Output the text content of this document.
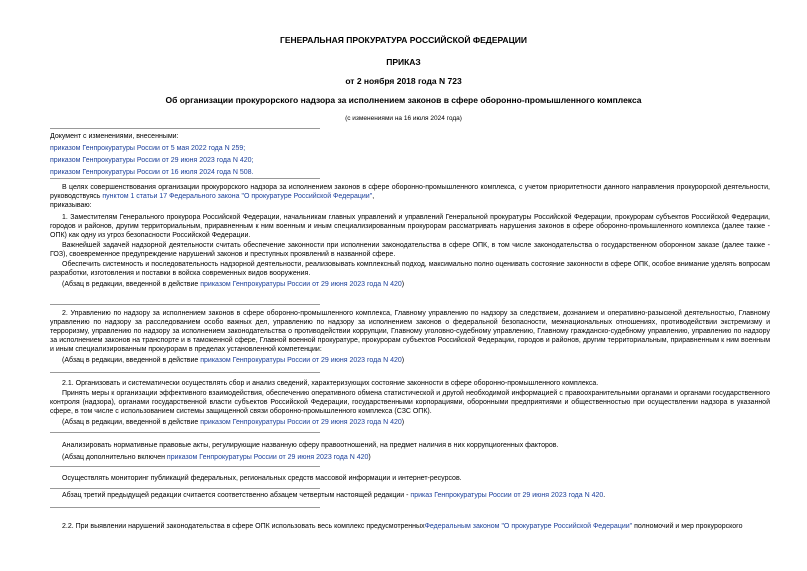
ГЕНЕРАЛЬНАЯ ПРОКУРАТУРА РОССИЙСКОЙ ФЕДЕРАЦИИ
ПРИКАЗ
от 2 ноября 2018 года N 723
Об организации прокурорского надзора за исполнением законов в сфере оборонно-промышленного комплекса
(с изменениями на 16 июля 2024 года)
Документ с изменениями, внесенными:
приказом Генпрокуратуры России от 5 мая 2022 года N 259;
приказом Генпрокуратуры России от 29 июня 2023 года N 420;
приказом Генпрокуратуры России от 16 июля 2024 года N 508.

В целях совершенствования организации прокурорского надзора за исполнением законов в сфере оборонно-промышленного комплекса, с учетом приоритетности данного направления прокурорской деятельности, руководствуясь пунктом 1 статьи 17 Федерального закона "О прокуратуре Российской Федерации",

приказываю:

1. Заместителям Генерального прокурора Российской Федерации, начальникам главных управлений и управлений Генеральной прокуратуры Российской Федерации, прокурорам субъектов Российской Федерации, городов и районов, другим территориальным, приравненным к ним военным и иным специализированным прокурорам рассматривать нарушения законов в сфере оборонно-промышленного комплекса (далее также - ОПК) как одну из угроз безопасности Российской Федерации.

Важнейшей задачей надзорной деятельности считать обеспечение законности при исполнении законодательства в сфере ОПК, в том числе законодательства о государственном оборонном заказе (далее также - ГОЗ), своевременное предупреждение нарушений законов и преступных проявлений в названной сфере.

Обеспечить системность и последовательность надзорной деятельности, реализовывать комплексный подход, максимально полно оценивать состояние законности в сфере ОПК, особое внимание уделять вопросам разработки, изготовления и поставки в войска современных видов вооружения.

(Абзац в редакции, введенной в действие приказом Генпрокуратуры России от 29 июня 2023 года N 420)

2. Управлению по надзору за исполнением законов в сфере оборонно-промышленного комплекса, Главному управлению по надзору за следствием, дознанием и оперативно-разыскной деятельностью, Главному управлению по надзору за расследованием особо важных дел, управлению по надзору за исполнением законов о федеральной безопасности, межнациональных отношениях, противодействии экстремизму и терроризму, управлению по надзору за исполнением законодательства о противодействии коррупции, Главному уголовно-судебному управлению, Главному гражданско-судебному управлению, управлению по надзору за исполнением законов на транспорте и в таможенной сфере, Главной военной прокуратуре, прокурорам субъектов Российской Федерации, городов и районов, другим территориальным, приравненным к ним военным и иным специализированным прокурорам в пределах установленной компетенции:

(Абзац в редакции, введенной в действие приказом Генпрокуратуры России от 29 июня 2023 года N 420)

2.1. Организовать и систематически осуществлять сбор и анализ сведений, характеризующих состояние законности в сфере оборонно-промышленного комплекса.

Принять меры к организации эффективного взаимодействия, обеспечению оперативного обмена статистической и другой необходимой информацией с правоохранительными органами и органами государственного контроля (надзора), органами государственной власти субъектов Российской Федерации, государственными корпорациями, оборонными предприятиями и общественностью при осуществлении надзора в указанной сфере, в том числе с использованием системы защищенной связи оборонно-промышленного комплекса (СЗС ОПК).

(Абзац в редакции, введенной в действие приказом Генпрокуратуры России от 29 июня 2023 года N 420)

Анализировать нормативные правовые акты, регулирующие названную сферу правоотношений, на предмет наличия в них коррупциогенных факторов.

(Абзац дополнительно включен приказом Генпрокуратуры России от 29 июня 2023 года N 420)

Осуществлять мониторинг публикаций федеральных, региональных средств массовой информации и интернет-ресурсов.

Абзац третий предыдущей редакции считается соответственно абзацем четвертым настоящей редакции - приказ Генпрокуратуры России от 29 июня 2023 года N 420.

2.2. При выявлении нарушений законодательства в сфере ОПК использовать весь комплекс предусмотренныхФедеральным законом "О прокуратуре Российской Федерации" полномочий и мер прокурорского
